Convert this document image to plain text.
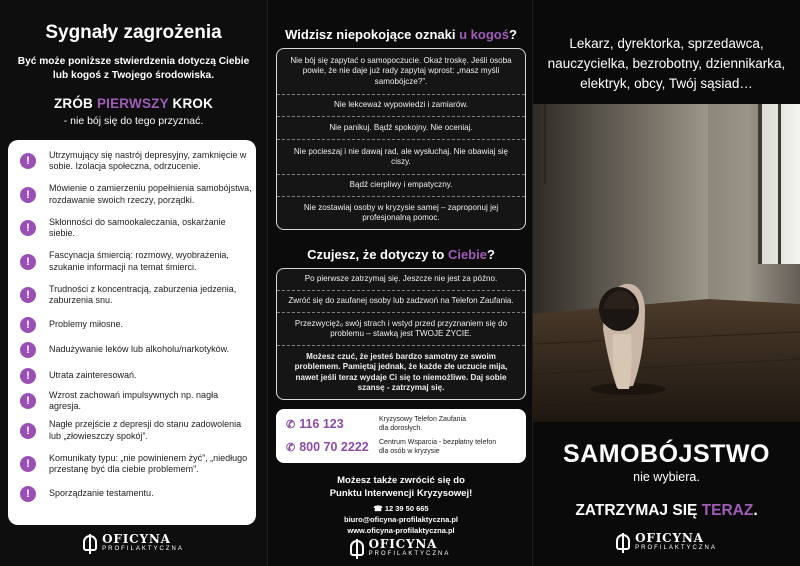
Sygnały zagrożenia

Być może poniższe stwierdzenia dotyczą Ciebie lub kogoś z Twojego środowiska.

ZRÓB PIERWSZY KROK
- nie bój się do tego przyznać.
!
Utrzymujący się nastrój depresyjny, zamknięcie w sobie. Izolacja społeczna, odrzucenie.
!
Mówienie o zamierzeniu popełnienia samobójstwa, rozdawanie swoich rzeczy, porządki.
!
Skłonności do samookaleczania, oskarżanie siebie.
!
Fascynacja śmiercią: rozmowy, wyobrażenia, szukanie informacji na temat śmierci.
!
Trudności z koncentracją, zaburzenia jedzenia, zaburzenia snu.
!	Problemy miłosne.
!	Nadużywanie leków lub alkoholu/narkotyków.
!	Utrata zainteresowań.
!
Wzrost zachowań impulsywnych np. nagła agresja.
!
Nagłe przejście z depresji do stanu zadowolenia lub „złowieszczy spokój”.
!
Komunikaty typu: „nie powinienem żyć”, „niedługo przestanę być dla ciebie problemem”.
!	Sporządzanie testamentu.
OFICYNA
PROFILAKTYCZNA
Widzisz niepokojące oznaki u kogoś?
Nie bój się zapytać o samopoczucie. Okaż troskę. Jeśli osoba powie, że nie daje już rady zapytaj wprost: „masz myśli samobójcze?”.
Nie lekceważ wypowiedzi i zamiarów.
Nie panikuj. Bądź spokojny. Nie oceniaj.
Nie pocieszaj i nie dawaj rad, ale wysłuchaj. Nie obawiaj się ciszy.
Bądź cierpliwy i empatyczny.
Nie zostawiaj osoby w kryzysie samej – zaproponuj jej profesjonalną pomoc.
Czujesz, że dotyczy to Ciebie?
Po pierwsze zatrzymaj się. Jeszcze nie jest za późno.
Zwróć się do zaufanej osoby lub zadzwoń na Telefon Zaufania.
Przezwyciężₒ swój strach i wstyd przed przyznaniem się do problemu – stawką jest TWOJE ŻYCIE.
Możesz czuć, że jesteś bardzo samotny ze swoim problemem. Pamiętaj jednak, że każde złe uczucie mija, nawet jeśli teraz wydaje Ci się to niemożliwe. Daj sobie szansę - zatrzymaj się.
✆ 116 123	Kryzysowy Telefon Zaufania
dla dorosłych.
✆ 800 70 2222 Centrum Wsparcia - bezpłatny telefon
dla osób w kryzysie
Możesz także zwrócić się do
Punktu Interwencji Kryzysowej!
☎ 12 39 50 665
biuro@oficyna-profilaktyczna.pl
www.oficyna-profilaktyczna.pl
OFICYNA
PROFILAKTYCZNA
Lekarz, dyrektorka, sprzedawca,
nauczycielka, bezrobotny, dziennikarka,
elektryk, obcy, Twój sąsiad…
SAMOBÓJSTWO
nie wybiera.
ZATRZYMAJ SIĘ TERAZ.
OFICYNA
PROFILAKTYCZNA
